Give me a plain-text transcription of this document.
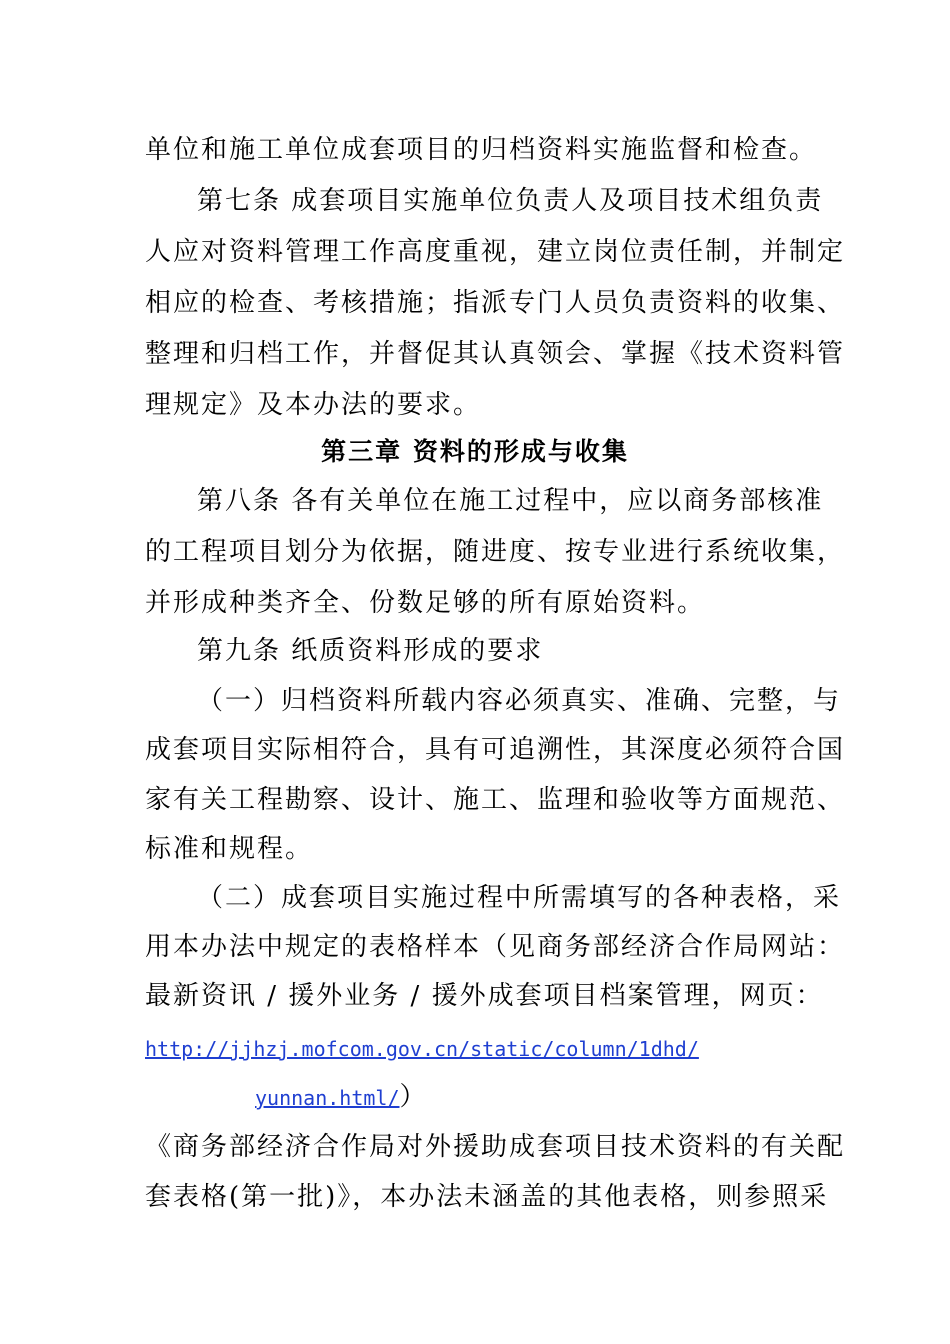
单位和施工单位成套项目的归档资料实施监督和检查。
第七条 成套项目实施单位负责人及项目技术组负责
人应对资料管理工作高度重视，建立岗位责任制，并制定
相应的检查、考核措施；指派专门人员负责资料的收集、
整理和归档工作，并督促其认真领会、掌握《技术资料管
理规定》及本办法的要求。
第三章 资料的形成与收集
第八条 各有关单位在施工过程中，应以商务部核准
的工程项目划分为依据，随进度、按专业进行系统收集，
并形成种类齐全、份数足够的所有原始资料。
第九条 纸质资料形成的要求
（一）归档资料所载内容必须真实、准确、完整，与
成套项目实际相符合，具有可追溯性，其深度必须符合国
家有关工程勘察、设计、施工、监理和验收等方面规范、
标准和规程。
（二）成套项目实施过程中所需填写的各种表格，采
用本办法中规定的表格样本（见商务部经济合作局网站：
最新资讯 / 援外业务 / 援外成套项目档案管理，网页：
http://jjhzj.mofcom.gov.cn/static/column/1dhd/
yunnan.html/）
《商务部经济合作局对外援助成套项目技术资料的有关配
套表格(第一批)》，本办法未涵盖的其他表格，则参照采
